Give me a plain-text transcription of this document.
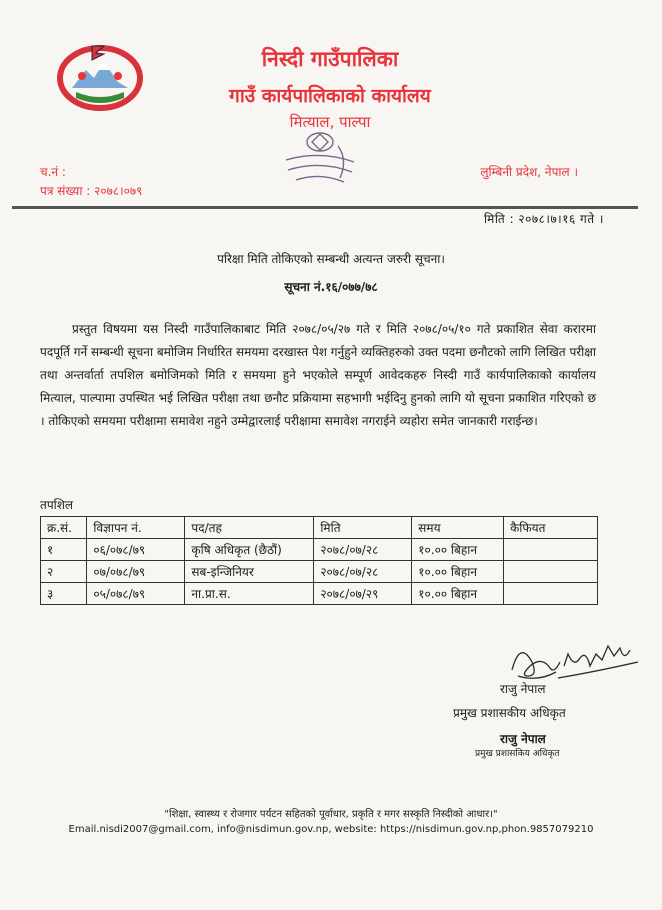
निस्दी गाउँपालिका
गाउँ कार्यपालिकाको कार्यालय
मित्याल, पाल्पा
च.नं :
पत्र संख्या : २०७८।०७९
लुम्बिनी प्रदेश, नेपाल ।
मिति : २०७८।७।१६ गते ।
परिक्षा मिति तोकिएको सम्बन्धी अत्यन्त जरुरी सूचना।
सूचना नं.१६/०७७/७८
प्रस्तुत विषयमा यस निस्दी गाउँपालिकाबाट मिति २०७८/०५/२७ गते र मिति २०७८/०५/१० गते प्रकाशित सेवा करारमा पदपूर्ति गर्ने सम्बन्धी सूचना बमोजिम निर्धारित समयमा दरखास्त पेश गर्नुहुने व्यक्तिहरुको उक्त पदमा छनौटको लागि लिखित परीक्षा तथा अन्तर्वार्ता तपशिल बमोजिमको मिति र समयमा हुने भएकोले सम्पूर्ण आवेदकहरु निस्दी गाउँ कार्यपालिकाको कार्यालय मित्याल, पाल्पामा उपस्थित भई लिखित परीक्षा तथा छनौट प्रक्रियामा सहभागी भईदिनु हुनको लागि यो सूचना प्रकाशित गरिएको छ । तोकिएको समयमा परीक्षामा समावेश नहुने उम्मेद्वारलाई परीक्षामा समावेश नगराईने व्यहोरा समेत जानकारी गराईन्छ।
तपशिल
क्र.सं.	विज्ञापन नं.	पद/तह	मिति	समय	कैफियत
१	०६/०७८/७९	कृषि अधिकृत (छैठौं)	२०७८/०७/२८	१०.०० बिहान	
२	०७/०७८/७९	सब-इन्जिनियर	२०७८/०७/२८	१०.०० बिहान	
३	०५/०७८/७९	ना.प्रा.स.	२०७८/०७/२९	१०.०० बिहान	
राजु नेपाल
प्रमुख प्रशासकीय अधिकृत
राजु नेपाल
प्रमुख प्रशासकिय अधिकृत
"शिक्षा, स्वास्थ्य र रोजगार पर्यटन सहितको पूर्वाधार, प्रकृति र मगर सस्कृति निस्दीको आधार।"
Email.nisdi2007@gmail.com, info@nisdimun.gov.np, website: https://nisdimun.gov.np,phon.9857079210
